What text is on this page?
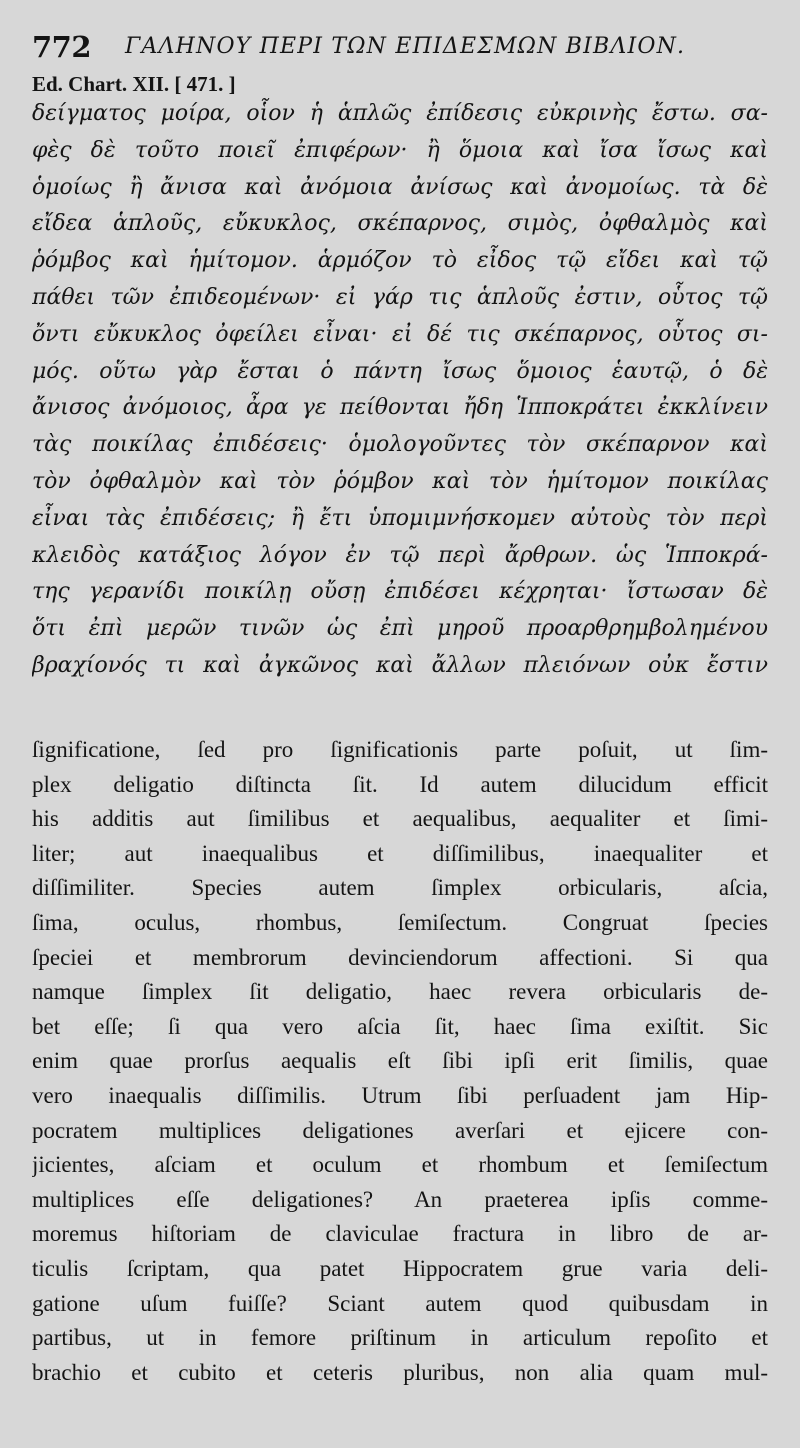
772 ΓΑΛΗΝΟΥ ΠΕΡΙ ΤΩΝ ΕΠΙΔΕΣΜΩΝ ΒΙΒΛΙΟΝ.
Ed. Chart. XII. [ 471. ]
δείγματος μοίρα, οἷον ἡ ἁπλῶς ἐπίδεσις εὐκρινὴς ἔστω. σα-
φὲς δὲ τοῦτο ποιεῖ ἐπιφέρων· ἢ ὅμοια καὶ ἴσα ἴσως καὶ
ὁμοίως ἢ ἄνισα καὶ ἀνόμοια ἀνίσως καὶ ἀνομοίως. τὰ δὲ
εἴδεα ἁπλοῦς, εὔκυκλος, σκέπαρνος, σιμὸς, ὀφθαλμὸς καὶ
ῥόμβος καὶ ἡμίτομον. ἁρμόζον τὸ εἶδος τῷ εἴδει καὶ τῷ
πάθει τῶν ἐπιδεομένων· εἰ γάρ τις ἁπλοῦς ἐστιν, οὗτος τῷ
ὄντι εὔκυκλος ὀφείλει εἶναι· εἰ δέ τις σκέπαρνος, οὗτος σι-
μός. οὕτω γὰρ ἔσται ὁ πάντη ἴσως ὅμοιος ἑαυτῷ, ὁ δὲ
ἄνισος ἀνόμοιος, ἆρα γε πείθονται ἤδη Ἱπποκράτει ἐκκλίνειν
τὰς ποικίλας ἐπιδέσεις· ὁμολογοῦντες τὸν σκέπαρνον καὶ
τὸν ὀφθαλμὸν καὶ τὸν ῥόμβον καὶ τὸν ἡμίτομον ποικίλας
εἶναι τὰς ἐπιδέσεις; ἢ ἔτι ὑπομιμνήσκομεν αὐτοὺς τὸν περὶ
κλειδὸς κατάξιος λόγον ἐν τῷ περὶ ἄρθρων. ὡς Ἱπποκρά-
της γερανίδι ποικίλῃ οὔσῃ ἐπιδέσει κέχρηται· ἴστωσαν δὲ
ὅτι ἐπὶ μερῶν τινῶν ὡς ἐπὶ μηροῦ προαρθρημβολημένου
βραχίονός τι καὶ ἀγκῶνος καὶ ἄλλων πλειόνων οὐκ ἔστιν
ſignificatione, ſed pro ſignificationis parte poſuit, ut ſim-
plex deligatio diſtincta ſit. Id autem dilucidum efficit
his additis aut ſimilibus et aequalibus, aequaliter et ſimi-
liter; aut inaequalibus et diſſimilibus, inaequaliter et
diſſimiliter. Species autem ſimplex orbicularis, aſcia,
ſima, oculus, rhombus, ſemiſectum. Congruat ſpecies
ſpeciei et membrorum devinciendorum affectioni. Si qua
namque ſimplex ſit deligatio, haec revera orbicularis de-
bet eſſe; ſi qua vero aſcia ſit, haec ſima exiſtit. Sic
enim quae prorſus aequalis eſt ſibi ipſi erit ſimilis, quae
vero inaequalis diſſimilis. Utrum ſibi perſuadent jam Hip-
pocratem multiplices deligationes averſari et ejicere con-
jicientes, aſciam et oculum et rhombum et ſemiſectum
multiplices eſſe deligationes? An praeterea ipſis comme-
moremus hiſtoriam de claviculae fractura in libro de ar-
ticulis ſcriptam, qua patet Hippocratem grue varia deli-
gatione uſum fuiſſe? Sciant autem quod quibusdam in
partibus, ut in femore priſtinum in articulum repoſito et
brachio et cubito et ceteris pluribus, non alia quam mul-
